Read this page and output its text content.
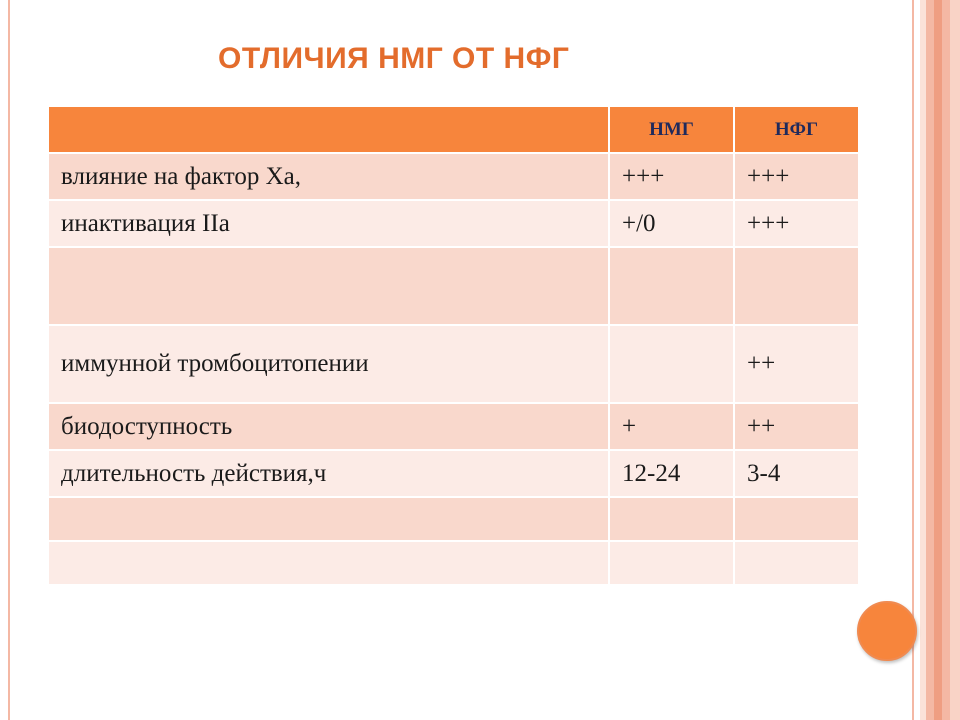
ОТЛИЧИЯ НМГ ОТ НФГ
	НМГ	НФГ
влияние на фактор Ха,	+++	+++
инактивация IIа	+/0	+++

иммунной тромбоцитопении		++
биодоступность	+	++
длительность действия,ч	12-24	3-4
